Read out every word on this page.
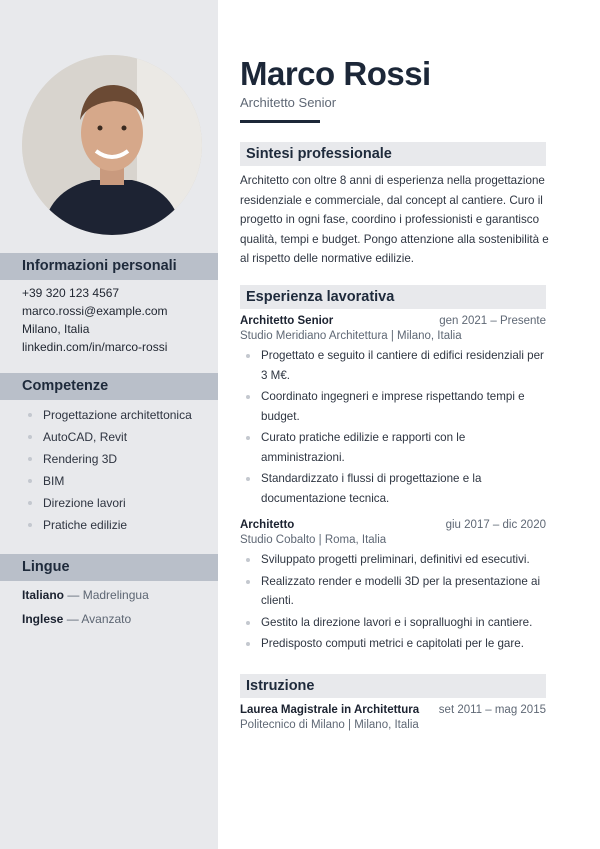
Informazioni personali
+39 320 123 4567
marco.rossi@example.com
Milano, Italia
linkedin.com/in/marco-rossi
Competenze
Progettazione architettonica
AutoCAD, Revit
Rendering 3D
BIM
Direzione lavori
Pratiche edilizie
Lingue
Italiano — Madrelingua
Inglese — Avanzato
Marco Rossi
Architetto Senior
Sintesi professionale
Architetto con oltre 8 anni di esperienza nella progettazione residenziale e commerciale, dal concept al cantiere. Curo il progetto in ogni fase, coordino i professionisti e garantisco qualità, tempi e budget. Pongo attenzione alla sostenibilità e al rispetto delle normative edilizie.
Esperienza lavorativa
Architetto Senior	gen 2021 – Presente
Studio Meridiano Architettura | Milano, Italia
Progettato e seguito il cantiere di edifici residenziali per 3 M€.
Coordinato ingegneri e imprese rispettando tempi e budget.
Curato pratiche edilizie e rapporti con le amministrazioni.
Standardizzato i flussi di progettazione e la documentazione tecnica.
Architetto	giu 2017 – dic 2020
Studio Cobalto | Roma, Italia
Sviluppato progetti preliminari, definitivi ed esecutivi.
Realizzato render e modelli 3D per la presentazione ai clienti.
Gestito la direzione lavori e i sopralluoghi in cantiere.
Predisposto computi metrici e capitolati per le gare.
Istruzione
Laurea Magistrale in Architettura set 2011 – mag 2015
Politecnico di Milano | Milano, Italia
